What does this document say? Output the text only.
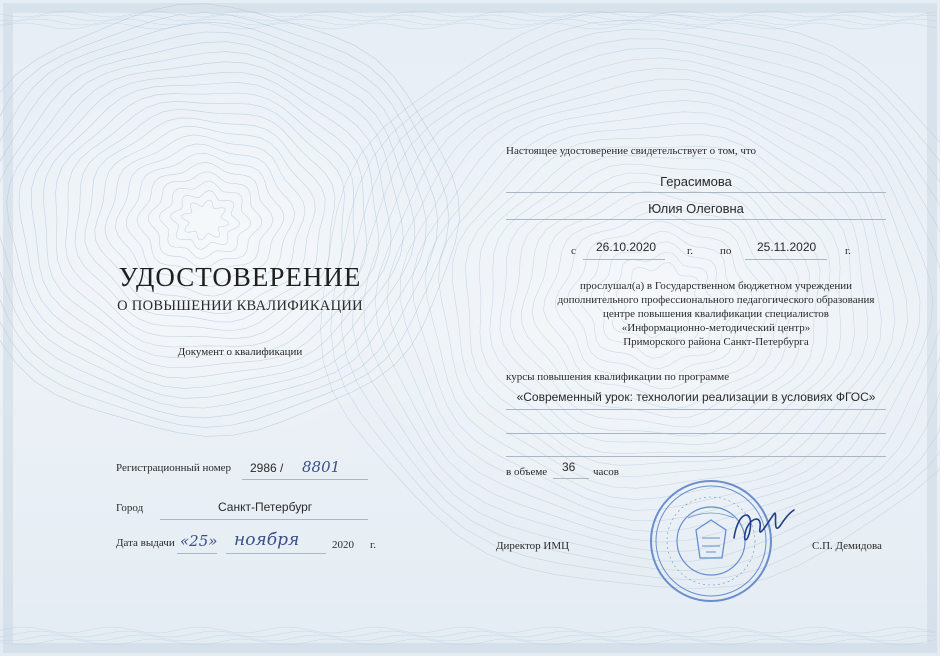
УДОСТОВЕРЕНИЕ
О ПОВЫШЕНИИ КВАЛИФИКАЦИИ
Документ о квалификации
Регистрационный номер 2986 / 8801
Город	Санкт-Петербург
Дата выдачи «25» ноября	2020 г.
Настоящее удостоверение свидетельствует о том, что
Герасимова
Юлия Олеговна
с 26.10.2020	г. по 25.11.2020	г.
прослушал(а) в Государственном бюджетном учреждении
дополнительного профессионального педагогического образования
центре повышения квалификации специалистов
«Информационно-методический центр»
Приморского района Санкт-Петербурга
курсы повышения квалификации по программе
«Современный урок: технологии реализации в условиях ФГОС»
в объеме 36 часов
Директор ИМЦ	С.П. Демидова
